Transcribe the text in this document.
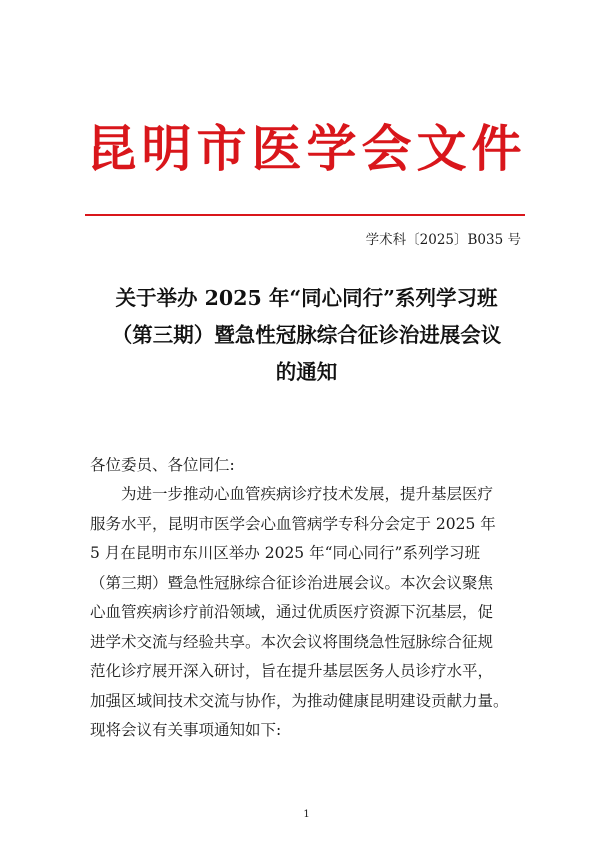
昆明市医学会文件
学术科〔2025〕B035 号
关于举办 2025 年“同心同行”系列学习班
（第三期）暨急性冠脉综合征诊治进展会议
的通知
各位委员、各位同仁:
为进一步推动心血管疾病诊疗技术发展，提升基层医疗
服务水平，昆明市医学会心血管病学专科分会定于 2025 年
5 月在昆明市东川区举办 2025 年“同心同行”系列学习班
（第三期）暨急性冠脉综合征诊治进展会议。本次会议聚焦
心血管疾病诊疗前沿领域，通过优质医疗资源下沉基层，促
进学术交流与经验共享。本次会议将围绕急性冠脉综合征规
范化诊疗展开深入研讨，旨在提升基层医务人员诊疗水平，
加强区域间技术交流与协作，为推动健康昆明建设贡献力量。
现将会议有关事项通知如下:
1
